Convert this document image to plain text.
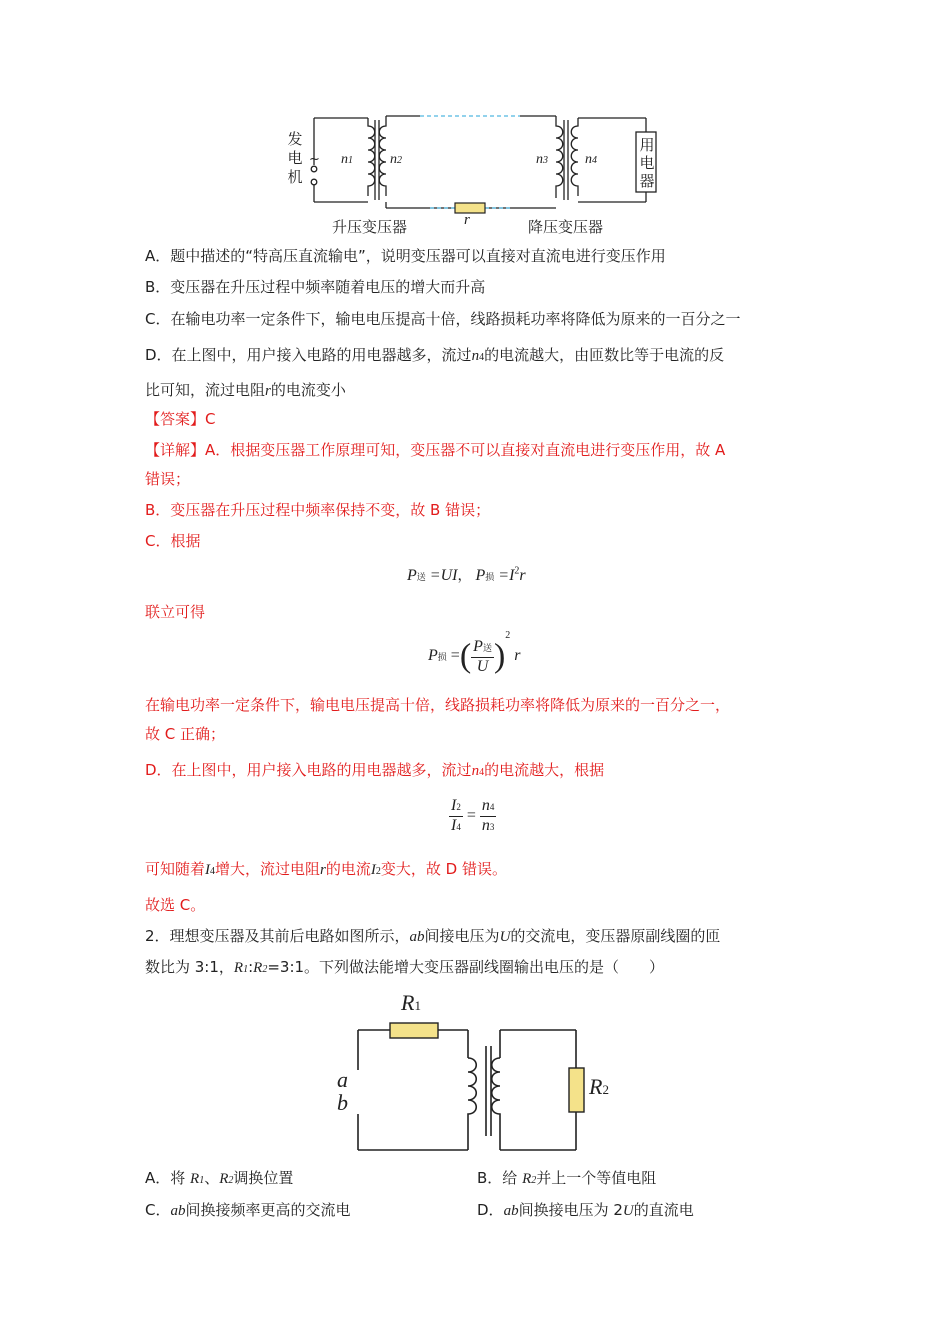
发
电
机
~ n1	n2	n3	n4
用
电
器
r
升压变压器	降压变压器
A．题中描述的“特高压直流输电”，说明变压器可以直接对直流电进行变压作用
B．变压器在升压过程中频率随着电压的增大而升高
C．在输电功率一定条件下，输电电压提高十倍，线路损耗功率将降低为原来的一百分之一
D．在上图中，用户接入电路的用电器越多，流过n4的电流越大，由匝数比等于电流的反
比可知，流过电阻r的电流变小
【答案】C
【详解】A．根据变压器工作原理可知，变压器不可以直接对直流电进行变压作用，故 A
错误；
B．变压器在升压过程中频率保持不变，故 B 错误；
C．根据
P送 =UI， P损 $=I^2r$
联立可得
P损 =( $\frac{\text{P送}}{U} )^2$ r
在输电功率一定条件下，输电电压提高十倍，线路损耗功率将降低为原来的一百分之一，
故 C 正确；
D．在上图中，用户接入电路的用电器越多，流过n4的电流越大，根据
$\frac{I2}{I4} = \frac{n4}{n3}$
可知随着I4增大，流过电阻r的电流I2变大，故 D 错误。
故选 C。
2．理想变压器及其前后电路如图所示，ab间接电压为U的交流电，变压器原副线圈的匝
数比为 3:1，R1:R2=3:1。下列做法能增大变压器副线圈输出电压的是（　　）
R1
R2
a
b
A．将 R1、R2调换位置	B．给 R2并上一个等值电阻
C．ab间换接频率更高的交流电	D．ab间换接电压为 2U的直流电
